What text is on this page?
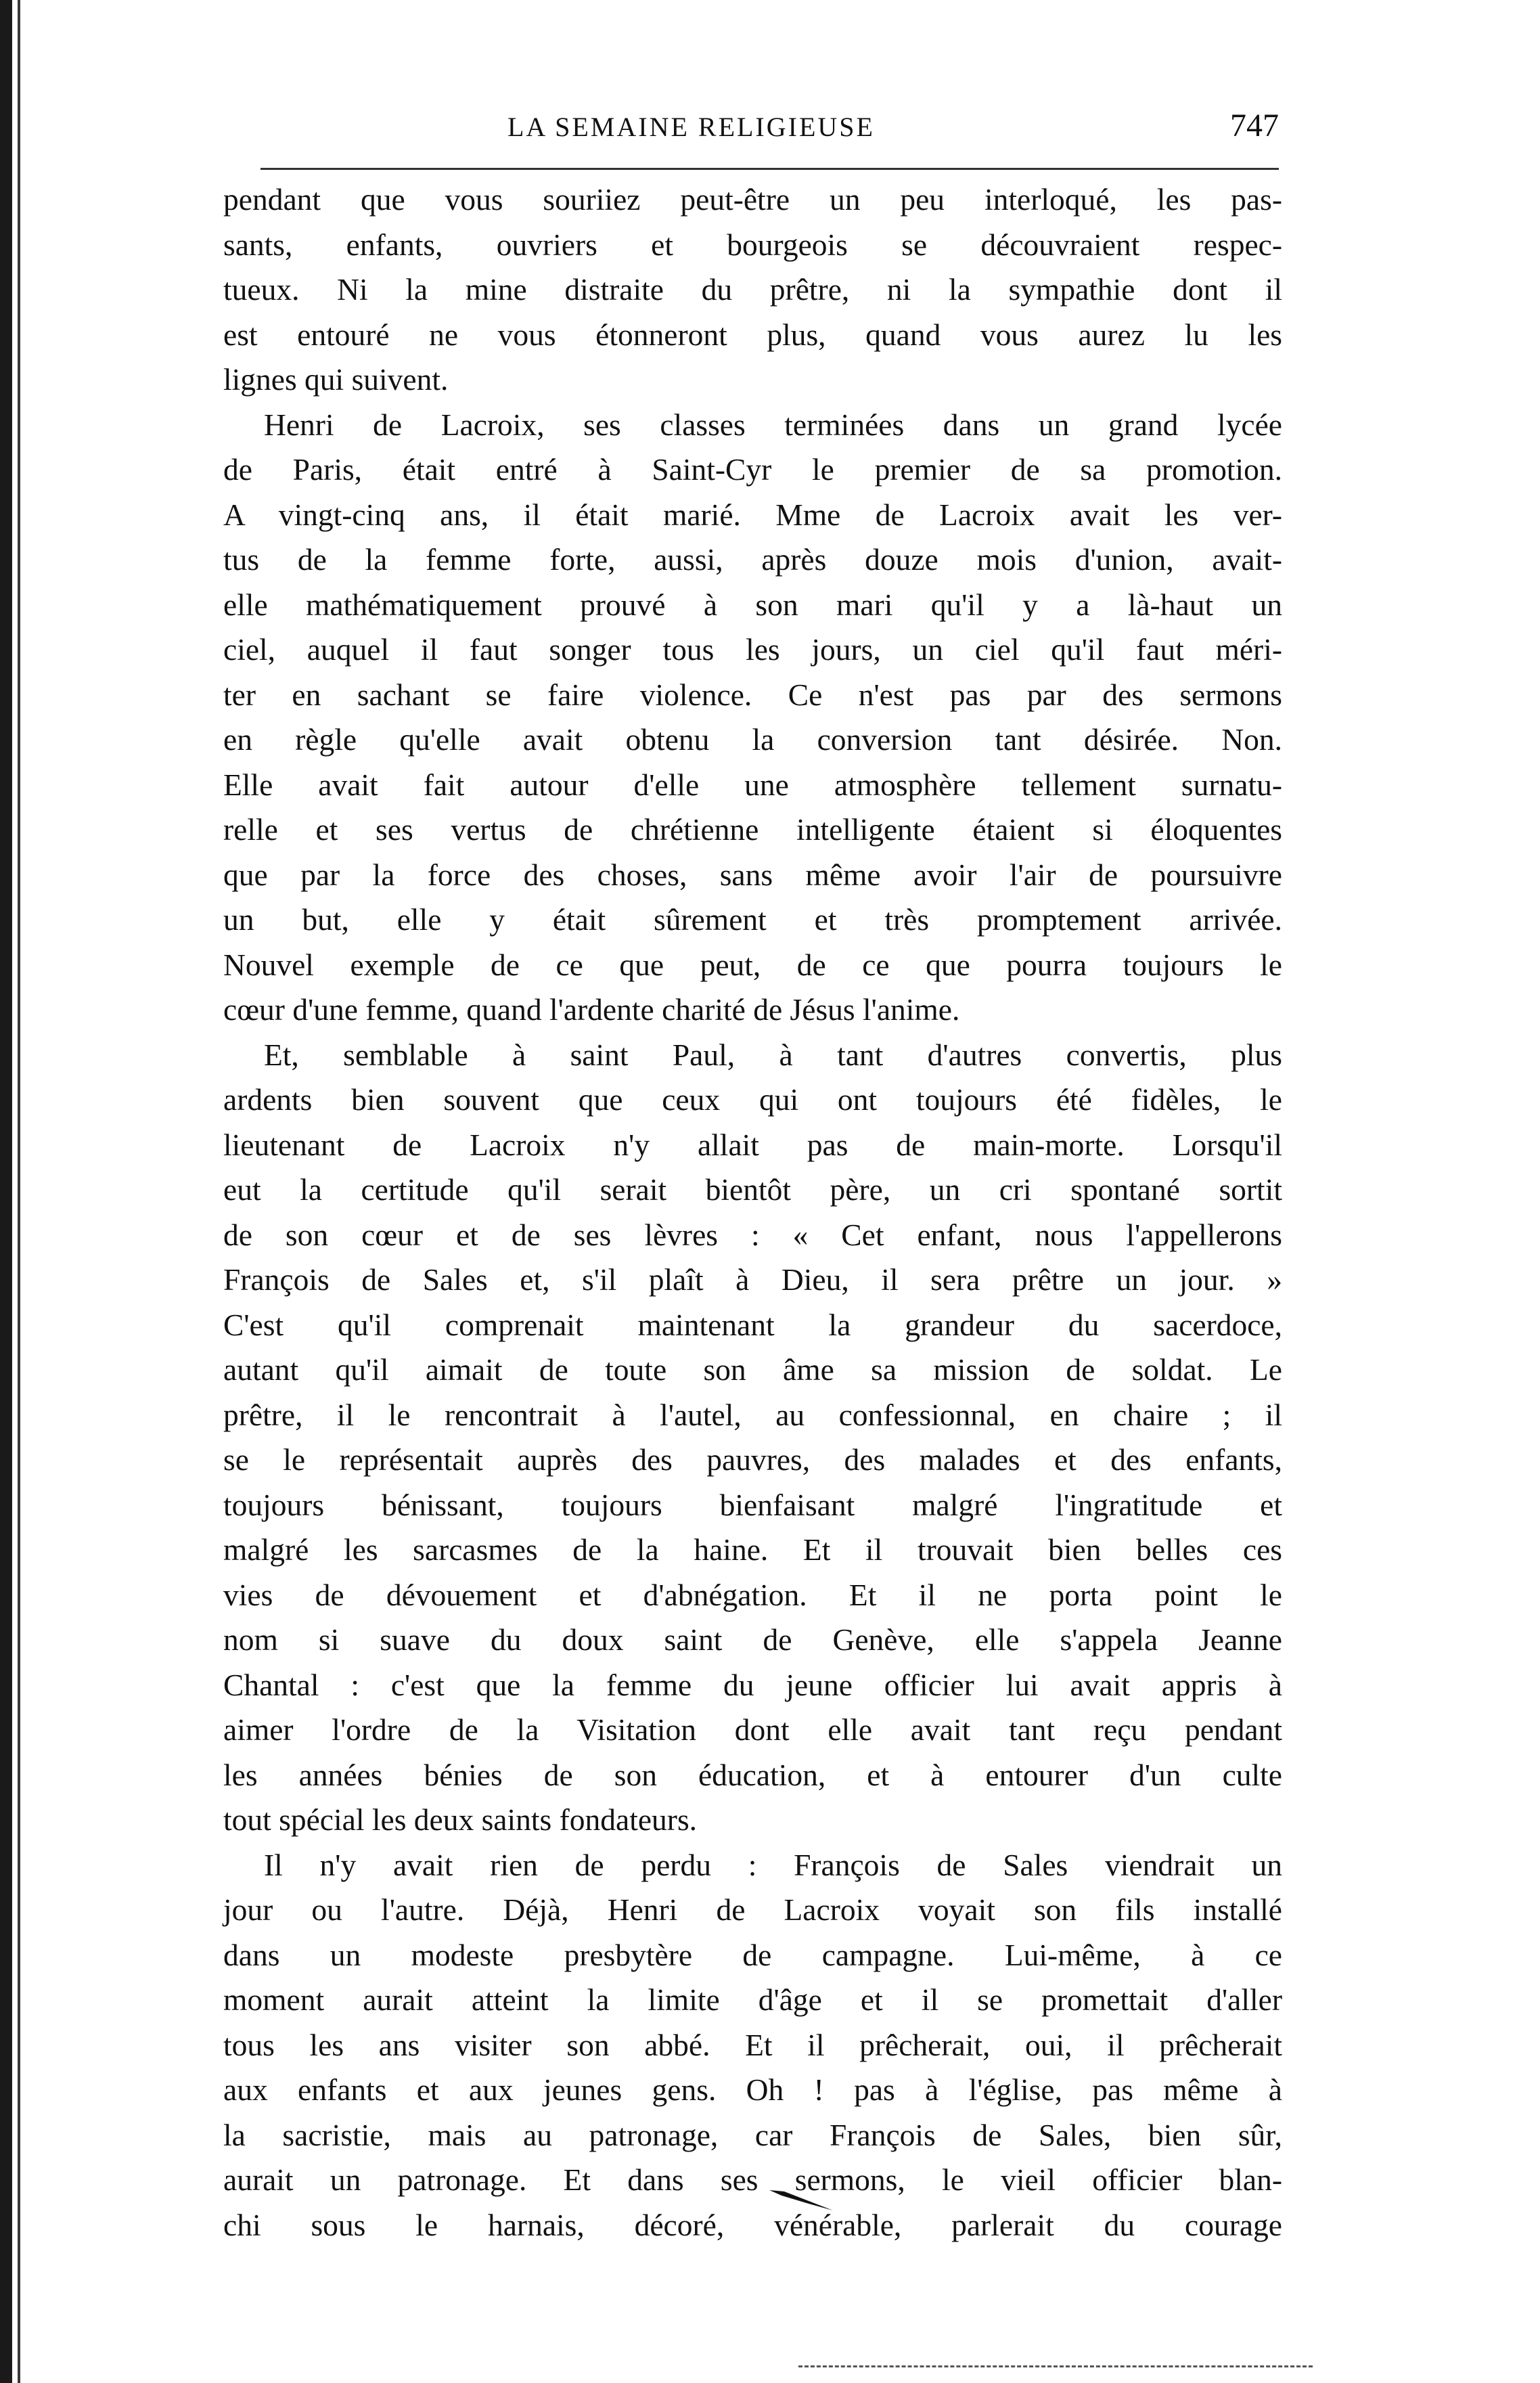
LA SEMAINE RELIGIEUSE	747
pendant que vous souriiez peut-être un peu interloqué, les pas-
sants, enfants, ouvriers et bourgeois se découvraient respec-
tueux. Ni la mine distraite du prêtre, ni la sympathie dont il
est entouré ne vous étonneront plus, quand vous aurez lu les
lignes qui suivent.
Henri de Lacroix, ses classes terminées dans un grand lycée
de Paris, était entré à Saint-Cyr le premier de sa promotion.
A vingt-cinq ans, il était marié. Mme de Lacroix avait les ver-
tus de la femme forte, aussi, après douze mois d'union, avait-
elle mathématiquement prouvé à son mari qu'il y a là-haut un
ciel, auquel il faut songer tous les jours, un ciel qu'il faut méri-
ter en sachant se faire violence. Ce n'est pas par des sermons
en règle qu'elle avait obtenu la conversion tant désirée. Non.
Elle avait fait autour d'elle une atmosphère tellement surnatu-
relle et ses vertus de chrétienne intelligente étaient si éloquentes
que par la force des choses, sans même avoir l'air de poursuivre
un but, elle y était sûrement et très promptement arrivée.
Nouvel exemple de ce que peut, de ce que pourra toujours le
cœur d'une femme, quand l'ardente charité de Jésus l'anime.
Et, semblable à saint Paul, à tant d'autres convertis, plus
ardents bien souvent que ceux qui ont toujours été fidèles, le
lieutenant de Lacroix n'y allait pas de main-morte. Lorsqu'il
eut la certitude qu'il serait bientôt père, un cri spontané sortit
de son cœur et de ses lèvres : « Cet enfant, nous l'appellerons
François de Sales et, s'il plaît à Dieu, il sera prêtre un jour. »
C'est qu'il comprenait maintenant la grandeur du sacerdoce,
autant qu'il aimait de toute son âme sa mission de soldat. Le
prêtre, il le rencontrait à l'autel, au confessionnal, en chaire ; il
se le représentait auprès des pauvres, des malades et des enfants,
toujours bénissant, toujours bienfaisant malgré l'ingratitude et
malgré les sarcasmes de la haine. Et il trouvait bien belles ces
vies de dévouement et d'abnégation. Et il ne porta point le
nom si suave du doux saint de Genève, elle s'appela Jeanne
Chantal : c'est que la femme du jeune officier lui avait appris à
aimer l'ordre de la Visitation dont elle avait tant reçu pendant
les années bénies de son éducation, et à entourer d'un culte
tout spécial les deux saints fondateurs.
Il n'y avait rien de perdu : François de Sales viendrait un
jour ou l'autre. Déjà, Henri de Lacroix voyait son fils installé
dans un modeste presbytère de campagne. Lui-même, à ce
moment aurait atteint la limite d'âge et il se promettait d'aller
tous les ans visiter son abbé. Et il prêcherait, oui, il prêcherait
aux enfants et aux jeunes gens. Oh ! pas à l'église, pas même à
la sacristie, mais au patronage, car François de Sales, bien sûr,
aurait un patronage. Et dans ses sermons, le vieil officier blan-
chi sous le harnais, décoré, vénérable, parlerait du courage
